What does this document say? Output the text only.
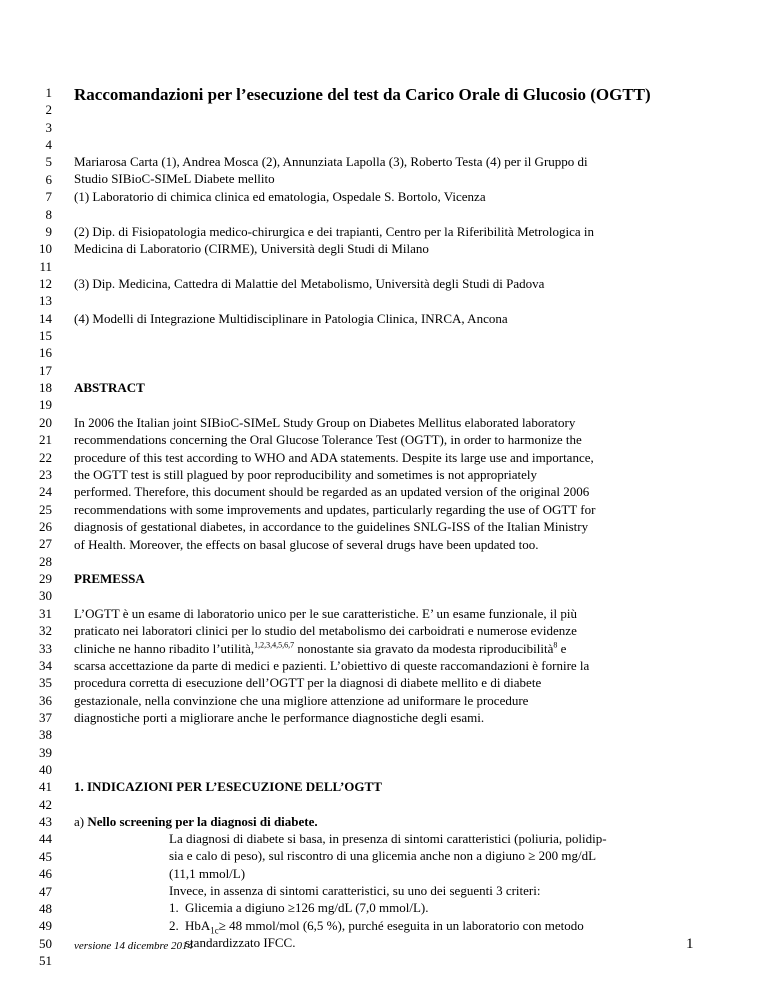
1
2
3
4
5
6
7
8
9
10
11
12
13
14
15
16
17
18
19
20
21
22
23
24
25
26
27
28
29
30
31
32
33
34
35
36
37
38
39
40
41
42
43
44
45
46
47
48
49
50
51
Raccomandazioni per l’esecuzione del test da Carico Orale di Glucosio (OGTT)
Mariarosa Carta (1), Andrea Mosca (2), Annunziata Lapolla (3), Roberto Testa (4) per il Gruppo di
Studio SIBioC-SIMeL Diabete mellito
(1) Laboratorio di chimica clinica ed ematologia, Ospedale S. Bortolo, Vicenza
(2) Dip. di Fisiopatologia medico-chirurgica e dei trapianti, Centro per la Riferibilità Metrologica in
Medicina di Laboratorio (CIRME), Università degli Studi di Milano
(3) Dip. Medicina, Cattedra di Malattie del Metabolismo, Università degli Studi di Padova
(4) Modelli di Integrazione Multidisciplinare in Patologia Clinica, INRCA, Ancona
ABSTRACT
In 2006 the Italian joint SIBioC-SIMeL Study Group on Diabetes Mellitus elaborated laboratory
recommendations concerning the Oral Glucose Tolerance Test (OGTT), in order to harmonize the
procedure of this test according to WHO and ADA statements. Despite its large use and importance,
the OGTT test is still plagued by poor reproducibility and sometimes is not appropriately
performed. Therefore, this document should be regarded as an updated version of the original 2006
recommendations with some improvements and updates, particularly regarding the use of OGTT for
diagnosis of gestational diabetes, in accordance to the guidelines SNLG-ISS of the Italian Ministry
of Health. Moreover, the effects on basal glucose of several drugs have been updated too.
PREMESSA
L’OGTT è un esame di laboratorio unico per le sue caratteristiche. E’ un esame funzionale, il più
praticato nei laboratori clinici per lo studio del metabolismo dei carboidrati e numerose evidenze
cliniche ne hanno ribadito l’utilità,$^{1,2,3,4,5,6,7}$ nonostante sia gravato da modesta riproducibilità$^8$ e
scarsa accettazione da parte di medici e pazienti. L’obiettivo di queste raccomandazioni è fornire la
procedura corretta di esecuzione dell’OGTT per la diagnosi di diabete mellito e di diabete
gestazionale, nella convinzione che una migliore attenzione ad uniformare le procedure
diagnostiche porti a migliorare anche le performance diagnostiche degli esami.
1. INDICAZIONI PER L’ESECUZIONE DELL’OGTT
a) Nello screening per la diagnosi di diabete.
La diagnosi di diabete si basa, in presenza di sintomi caratteristici (poliuria, polidip-
sia e calo di peso), sul riscontro di una glicemia anche non a digiuno ≥ 200 mg/dL
(11,1 mmol/L)
Invece, in assenza di sintomi caratteristici, su uno dei seguenti 3 criteri:

1. Glicemia a digiuno ≥126 mg/dL (7,0 mmol/L).
2. HbA$_{1c}$≥ 48 mmol/mol (6,5 %), purché eseguita in un laboratorio con metodo
standardizzato IFCC.
versione 14 dicembre 2014	1
